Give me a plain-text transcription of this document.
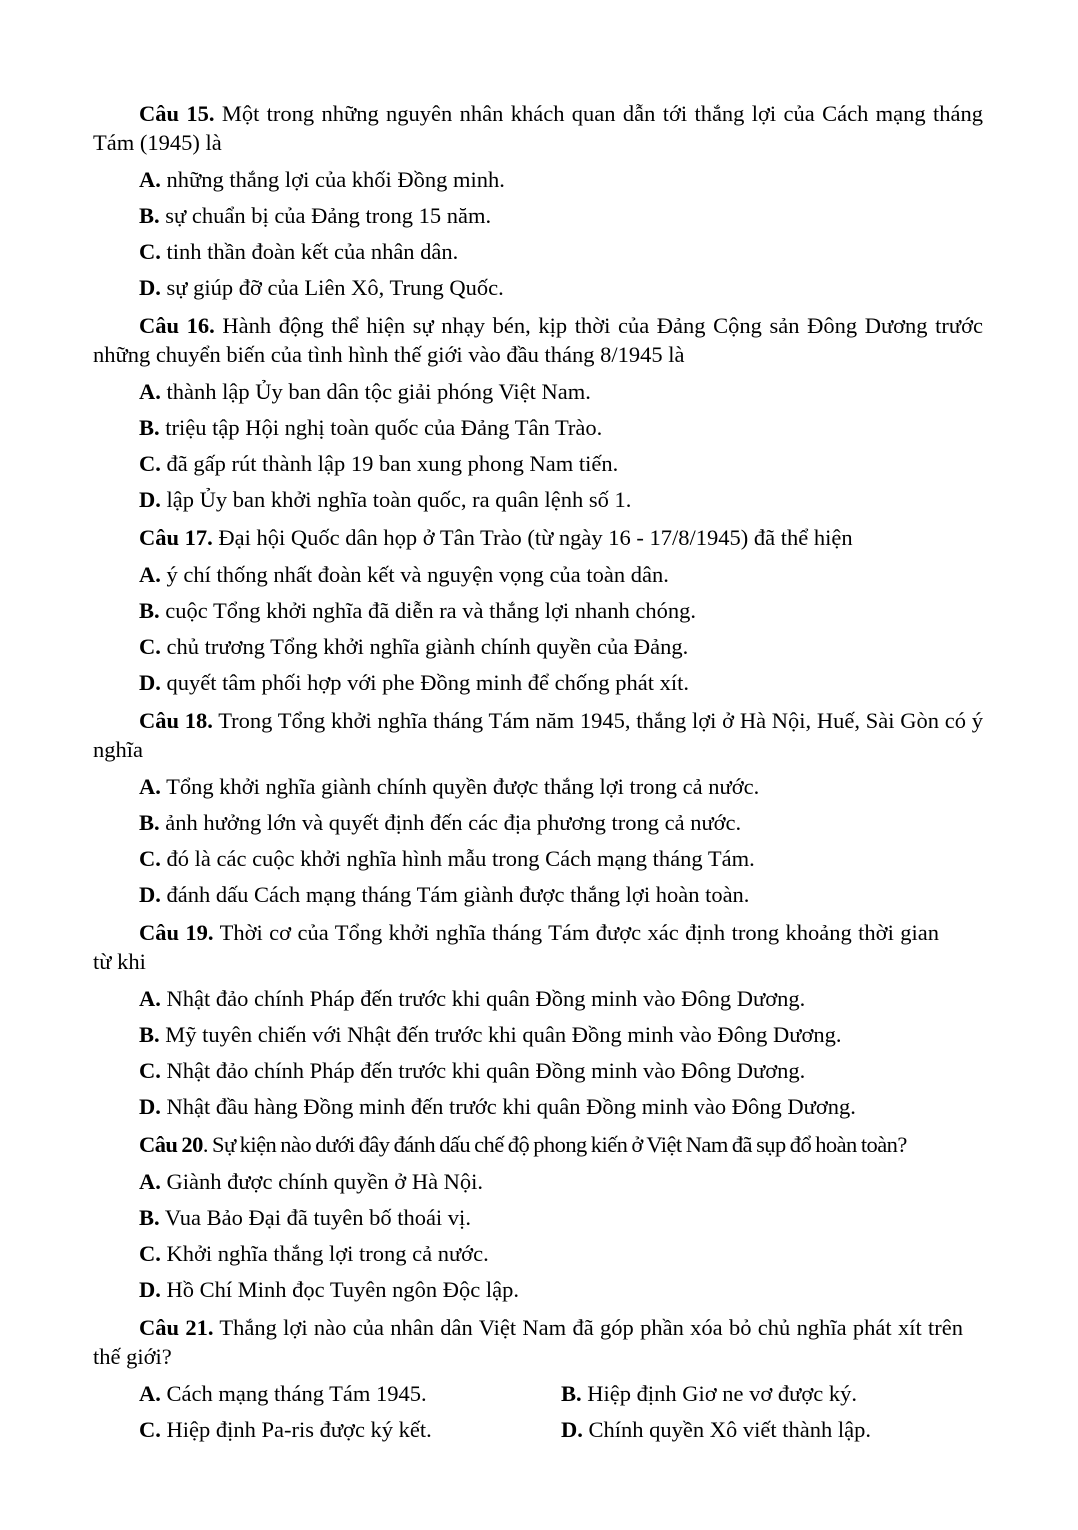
Câu 15. Một trong những nguyên nhân khách quan dẫn tới thắng lợi của Cách mạng tháng Tám (1945) là

A. những thắng lợi của khối Đồng minh.

B. sự chuẩn bị của Đảng trong 15 năm.

C. tinh thần đoàn kết của nhân dân.

D. sự giúp đỡ của Liên Xô, Trung Quốc.

Câu 16. Hành động thể hiện sự nhạy bén, kịp thời của Đảng Cộng sản Đông Dương trước những chuyển biến của tình hình thế giới vào đầu tháng 8/1945 là

A. thành lập Ủy ban dân tộc giải phóng Việt Nam.

B. triệu tập Hội nghị toàn quốc của Đảng Tân Trào.

C. đã gấp rút thành lập 19 ban xung phong Nam tiến.

D. lập Ủy ban khởi nghĩa toàn quốc, ra quân lệnh số 1.

Câu 17. Đại hội Quốc dân họp ở Tân Trào (từ ngày 16 - 17/8/1945) đã thể hiện

A. ý chí thống nhất đoàn kết và nguyện vọng của toàn dân.

B. cuộc Tổng khởi nghĩa đã diễn ra và thắng lợi nhanh chóng.

C. chủ trương Tổng khởi nghĩa giành chính quyền của Đảng.

D. quyết tâm phối hợp với phe Đồng minh để chống phát xít.

Câu 18. Trong Tổng khởi nghĩa tháng Tám năm 1945, thắng lợi ở Hà Nội, Huế, Sài Gòn có ý nghĩa

A. Tổng khởi nghĩa giành chính quyền được thắng lợi trong cả nước.

B. ảnh hưởng lớn và quyết định đến các địa phương trong cả nước.

C. đó là các cuộc khởi nghĩa hình mẫu trong Cách mạng tháng Tám.

D. đánh dấu Cách mạng tháng Tám giành được thắng lợi hoàn toàn.

Câu 19. Thời cơ của Tổng khởi nghĩa tháng Tám được xác định trong khoảng thời gian từ khi

A. Nhật đảo chính Pháp đến trước khi quân Đồng minh vào Đông Dương.

B. Mỹ tuyên chiến với Nhật đến trước khi quân Đồng minh vào Đông Dương.

C. Nhật đảo chính Pháp đến trước khi quân Đồng minh vào Đông Dương.

D. Nhật đầu hàng Đồng minh đến trước khi quân Đồng minh vào Đông Dương.

Câu 20. Sự kiện nào dưới đây đánh dấu chế độ phong kiến ở Việt Nam đã sụp đổ hoàn toàn?

A. Giành được chính quyền ở Hà Nội.

B. Vua Bảo Đại đã tuyên bố thoái vị.

C. Khởi nghĩa thắng lợi trong cả nước.

D. Hồ Chí Minh đọc Tuyên ngôn Độc lập.

Câu 21. Thắng lợi nào của nhân dân Việt Nam đã góp phần xóa bỏ chủ nghĩa phát xít trên thế giới?

A. Cách mạng tháng Tám 1945.	B. Hiệp định Giơ ne vơ được ký.
C. Hiệp định Pa-ris được ký kết.	D. Chính quyền Xô viết thành lập.
